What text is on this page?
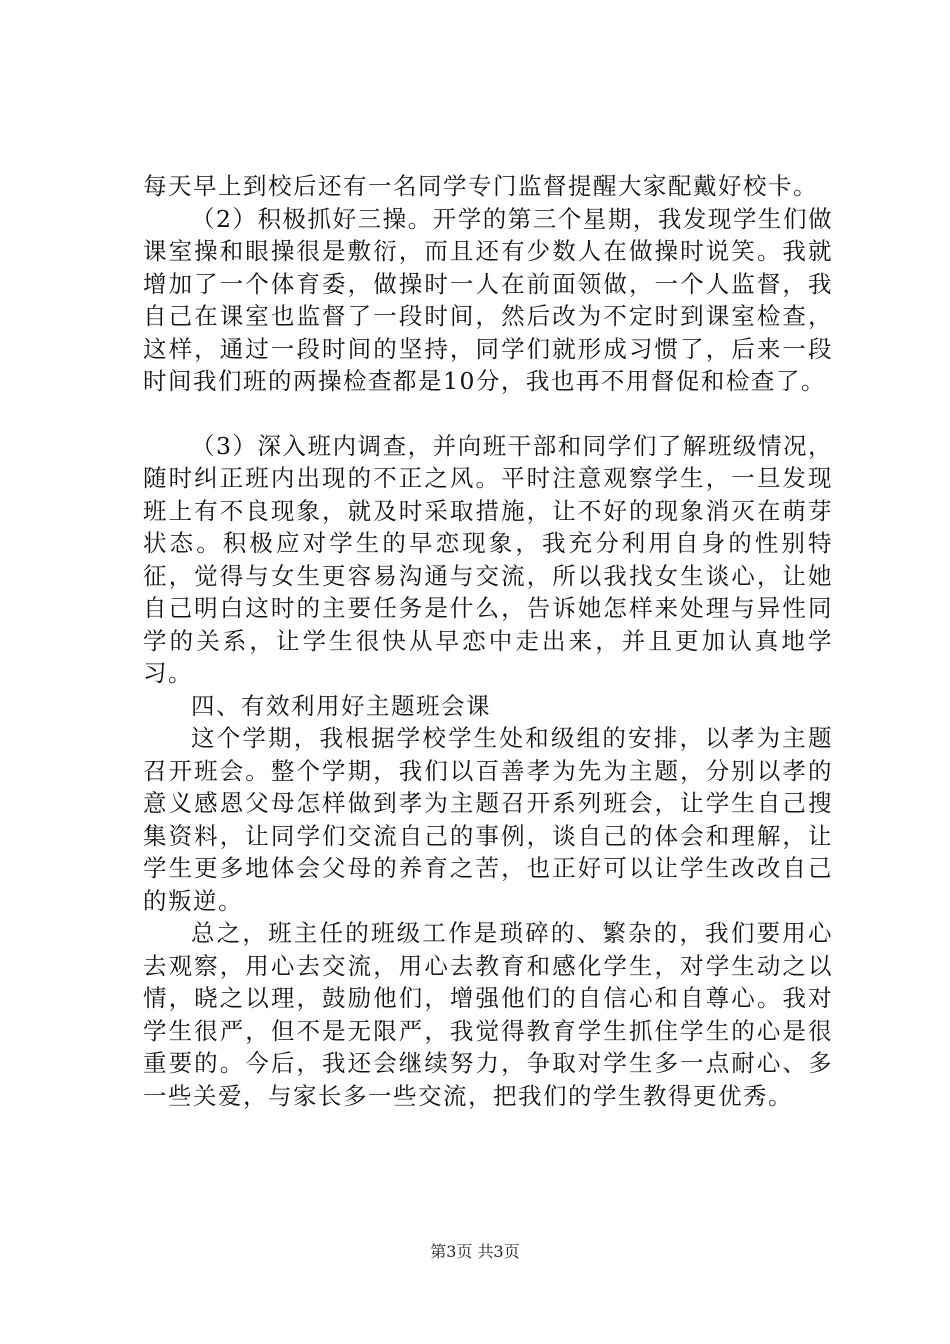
每天早上到校后还有一名同学专门监督提醒大家配戴好校卡。

（2）积极抓好三操。开学的第三个星期，我发现学生们做课室操和眼操很是敷衍，而且还有少数人在做操时说笑。我就增加了一个体育委，做操时一人在前面领做，一个人监督，我自己在课室也监督了一段时间，然后改为不定时到课室检查，这样，通过一段时间的坚持，同学们就形成习惯了，后来一段时间我们班的两操检查都是10分，我也再不用督促和检查了。

（3）深入班内调查，并向班干部和同学们了解班级情况，随时纠正班内出现的不正之风。平时注意观察学生，一旦发现班上有不良现象，就及时采取措施，让不好的现象消灭在萌芽状态。积极应对学生的早恋现象，我充分利用自身的性别特征，觉得与女生更容易沟通与交流，所以我找女生谈心，让她自己明白这时的主要任务是什么，告诉她怎样来处理与异性同学的关系，让学生很快从早恋中走出来，并且更加认真地学习。

四、有效利用好主题班会课

这个学期，我根据学校学生处和级组的安排，以孝为主题召开班会。整个学期，我们以百善孝为先为主题，分别以孝的意义感恩父母怎样做到孝为主题召开系列班会，让学生自己搜集资料，让同学们交流自己的事例，谈自己的体会和理解，让学生更多地体会父母的养育之苦，也正好可以让学生改改自己的叛逆。

总之，班主任的班级工作是琐碎的、繁杂的，我们要用心去观察，用心去交流，用心去教育和感化学生，对学生动之以情，晓之以理，鼓励他们，增强他们的自信心和自尊心。我对学生很严，但不是无限严，我觉得教育学生抓住学生的心是很重要的。今后，我还会继续努力，争取对学生多一点耐心、多一些关爱，与家长多一些交流，把我们的学生教得更优秀。

第3页 共3页
